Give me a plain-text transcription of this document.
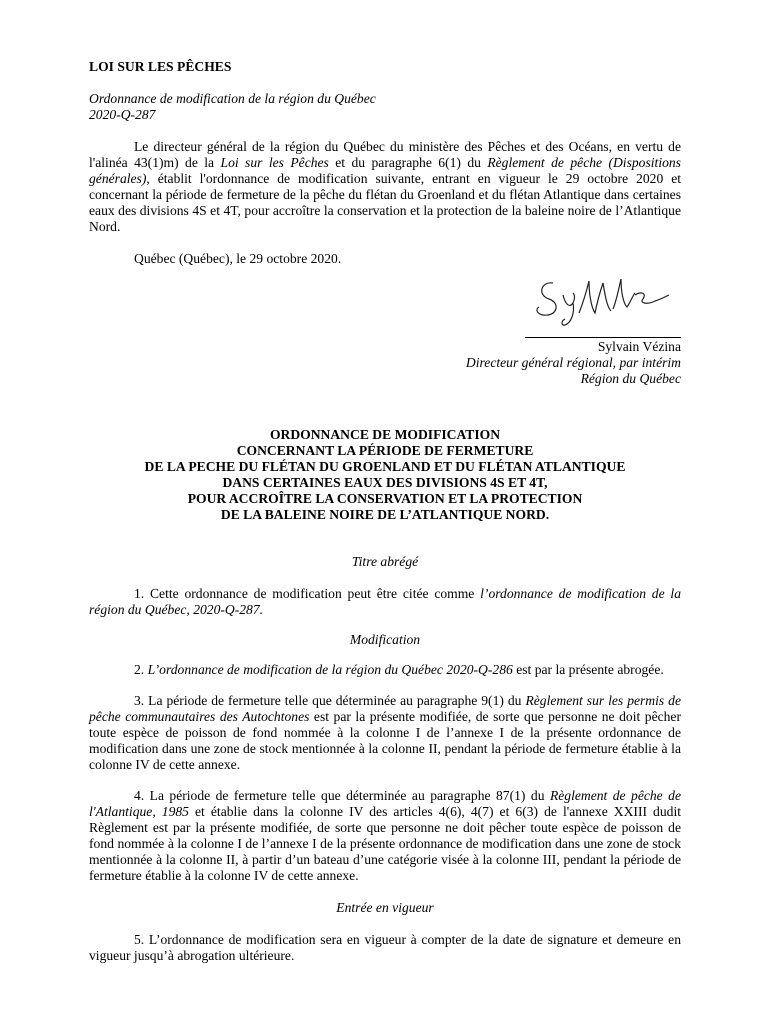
LOI SUR LES PÊCHES

Ordonnance de modification de la région du Québec

2020-Q-287

Le directeur général de la région du Québec du ministère des Pêches et des Océans, en vertu de l'alinéa 43(1)m) de la Loi sur les Pêches et du paragraphe 6(1) du Règlement de pêche (Dispositions générales), établit l'ordonnance de modification suivante, entrant en vigueur le 29 octobre 2020 et concernant la période de fermeture de la pêche du flétan du Groenland et du flétan Atlantique dans certaines eaux des divisions 4S et 4T, pour accroître la conservation et la protection de la baleine noire de l’Atlantique Nord.

Québec (Québec), le 29 octobre 2020.

Sylvain Vézina

Directeur général régional, par intérim

Région du Québec

ORDONNANCE DE MODIFICATION
CONCERNANT LA PÉRIODE DE FERMETURE
DE LA PECHE DU FLÉTAN DU GROENLAND ET DU FLÉTAN ATLANTIQUE
DANS CERTAINES EAUX DES DIVISIONS 4S ET 4T,
POUR ACCROÎTRE LA CONSERVATION ET LA PROTECTION
DE LA BALEINE NOIRE DE L’ATLANTIQUE NORD.

Titre abrégé

1. Cette ordonnance de modification peut être citée comme l’ordonnance de modification de la région du Québec, 2020-Q-287.

Modification

2. L’ordonnance de modification de la région du Québec 2020-Q-286 est par la présente abrogée.

3. La période de fermeture telle que déterminée au paragraphe 9(1) du Règlement sur les permis de pêche communautaires des Autochtones est par la présente modifiée, de sorte que personne ne doit pêcher toute espèce de poisson de fond nommée à la colonne I de l’annexe I de la présente ordonnance de modification dans une zone de stock mentionnée à la colonne II, pendant la période de fermeture établie à la colonne IV de cette annexe.

4. La période de fermeture telle que déterminée au paragraphe 87(1) du Règlement de pêche de l'Atlantique, 1985 et établie dans la colonne IV des articles 4(6), 4(7) et 6(3) de l'annexe XXIII dudit Règlement est par la présente modifiée, de sorte que personne ne doit pêcher toute espèce de poisson de fond nommée à la colonne I de l’annexe I de la présente ordonnance de modification dans une zone de stock mentionnée à la colonne II, à partir d’un bateau d’une catégorie visée à la colonne III, pendant la période de fermeture établie à la colonne IV de cette annexe.

Entrée en vigueur

5. L’ordonnance de modification sera en vigueur à compter de la date de signature et demeure en vigueur jusqu’à abrogation ultérieure.
